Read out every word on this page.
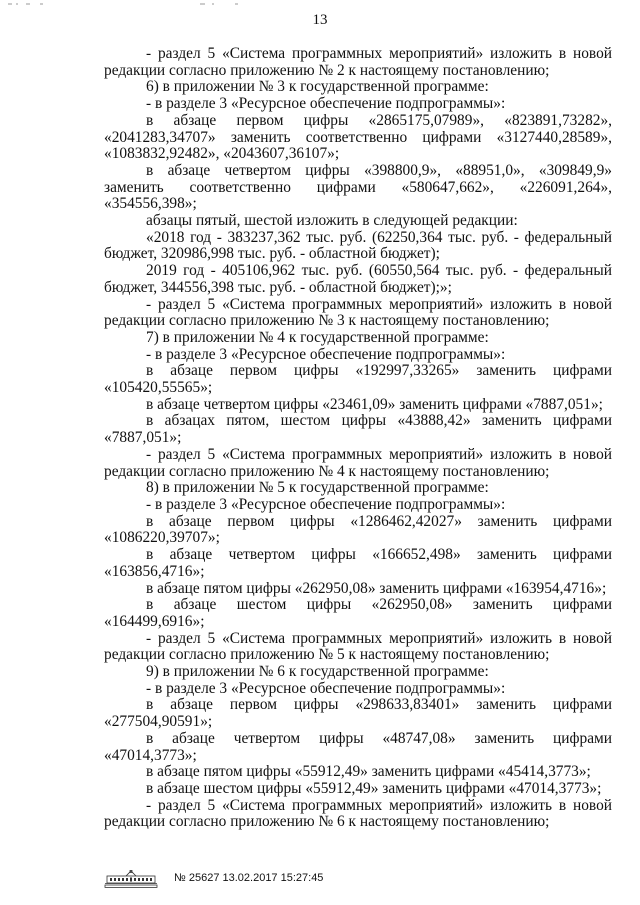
13

- раздел 5 «Система программных мероприятий» изложить в новой редакции согласно приложению № 2 к настоящему постановлению;

6) в приложении № 3 к государственной программе:

- в разделе 3 «Ресурсное обеспечение подпрограммы»:

в абзаце первом цифры «2865175,07989», «823891,73282», «2041283,34707» заменить соответственно цифрами «3127440,28589», «1083832,92482», «2043607,36107»;

в абзаце четвертом цифры «398800,9», «88951,0», «309849,9» заменить соответственно цифрами «580647,662», «226091,264», «354556,398»;

абзацы пятый, шестой изложить в следующей редакции:

«2018 год - 383237,362 тыс. руб. (62250,364 тыс. руб. - федеральный бюджет, 320986,998 тыс. руб. - областной бюджет);

2019 год - 405106,962 тыс. руб. (60550,564 тыс. руб. - федеральный бюджет, 344556,398 тыс. руб. - областной бюджет);»;

- раздел 5 «Система программных мероприятий» изложить в новой редакции согласно приложению № 3 к настоящему постановлению;

7) в приложении № 4 к государственной программе:

- в разделе 3 «Ресурсное обеспечение подпрограммы»:

в абзаце первом цифры «192997,33265» заменить цифрами «105420,55565»;

в абзаце четвертом цифры «23461,09» заменить цифрами «7887,051»;

в абзацах пятом, шестом цифры «43888,42» заменить цифрами «7887,051»;

- раздел 5 «Система программных мероприятий» изложить в новой редакции согласно приложению № 4 к настоящему постановлению;

8) в приложении № 5 к государственной программе:

- в разделе 3 «Ресурсное обеспечение подпрограммы»:

в абзаце первом цифры «1286462,42027» заменить цифрами «1086220,39707»;

в абзаце четвертом цифры «166652,498» заменить цифрами «163856,4716»;

в абзаце пятом цифры «262950,08» заменить цифрами «163954,4716»;

в абзаце шестом цифры «262950,08» заменить цифрами «164499,6916»;

- раздел 5 «Система программных мероприятий» изложить в новой редакции согласно приложению № 5 к настоящему постановлению;

9) в приложении № 6 к государственной программе:

- в разделе 3 «Ресурсное обеспечение подпрограммы»:

в абзаце первом цифры «298633,83401» заменить цифрами «277504,90591»;

в абзаце четвертом цифры «48747,08» заменить цифрами «47014,3773»;

в абзаце пятом цифры «55912,49» заменить цифрами «45414,3773»;

в абзаце шестом цифры «55912,49» заменить цифрами «47014,3773»;

- раздел 5 «Система программных мероприятий» изложить в новой редакции согласно приложению № 6 к настоящему постановлению;

№ 25627 13.02.2017 15:27:45
